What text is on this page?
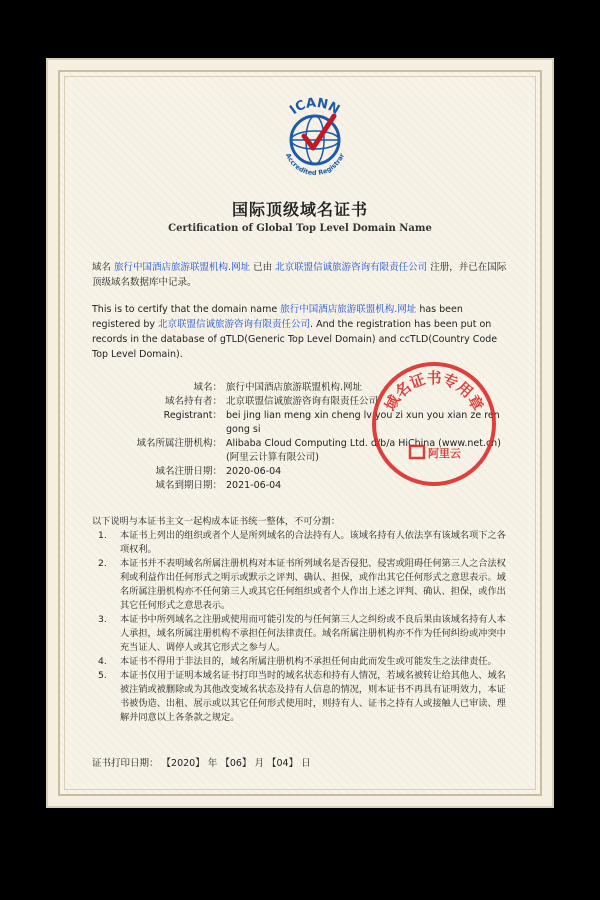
ICANN
Accredited Registrar
国际顶级域名证书
Certification of Global Top Level Domain Name
域名 旅行中国酒店旅游联盟机构.网址 已由 北京联盟信诚旅游咨询有限责任公司 注册，并已在国际顶级域名数据库中记录。
This is to certify that the domain name 旅行中国酒店旅游联盟机构.网址 has been registered by 北京联盟信诚旅游咨询有限责任公司. And the registration has been put on records in the database of gTLD(Generic Top Level Domain) and ccTLD(Country Code Top Level Domain).
域名： 旅行中国酒店旅游联盟机构.网址
域名持有者： 北京联盟信诚旅游咨询有限责任公司
Registrant： bei jing lian meng xin cheng lv you zi xun you xian ze ren gong si
域名所属注册机构： Alibaba Cloud Computing Ltd. d/b/a HiChina (www.net.cn) (阿里云计算有限公司)
域名注册日期： 2020-06-04
域名到期日期： 2021-06-04
域名证书专用章
阿里云
以下说明与本证书主文一起构成本证书统一整体，不可分割：
1.	本证书上列出的组织或者个人是所列域名的合法持有人。该域名持有人依法享有该域名项下之各项权利。
2.	本证书并不表明域名所属注册机构对本证书所列域名是否侵犯、侵害或阻碍任何第三人之合法权利或利益作出任何形式之明示或默示之评判、确认、担保，或作出其它任何形式之意思表示。域名所属注册机构亦不任何第三人或其它任何组织或者个人作出上述之评判、确认、担保，或作出其它任何形式之意思表示。
3.	本证书中所列域名之注册或使用而可能引发的与任何第三人之纠纷或不良后果由该域名持有人本人承担，域名所属注册机构不承担任何法律责任。域名所属注册机构亦不作为任何纠纷或冲突中充当证人、调停人或其它形式之参与人。
4.	本证书不得用于非法目的，域名所属注册机构不承担任何由此而发生或可能发生之法律责任。
5.	本证书仅用于证明本域名证书打印当时的域名状态和持有人情况，若域名被转让给其他人、域名被注销或被删除或为其他改变域名状态及持有人信息的情况，则本证书不再具有证明效力，本证书被伪造、出租、展示或以其它任何形式使用时，则持有人、证书之持有人或接触人已审读、理解并同意以上各条款之规定。
证书打印日期： 【2020】 年 【06】 月 【04】 日
